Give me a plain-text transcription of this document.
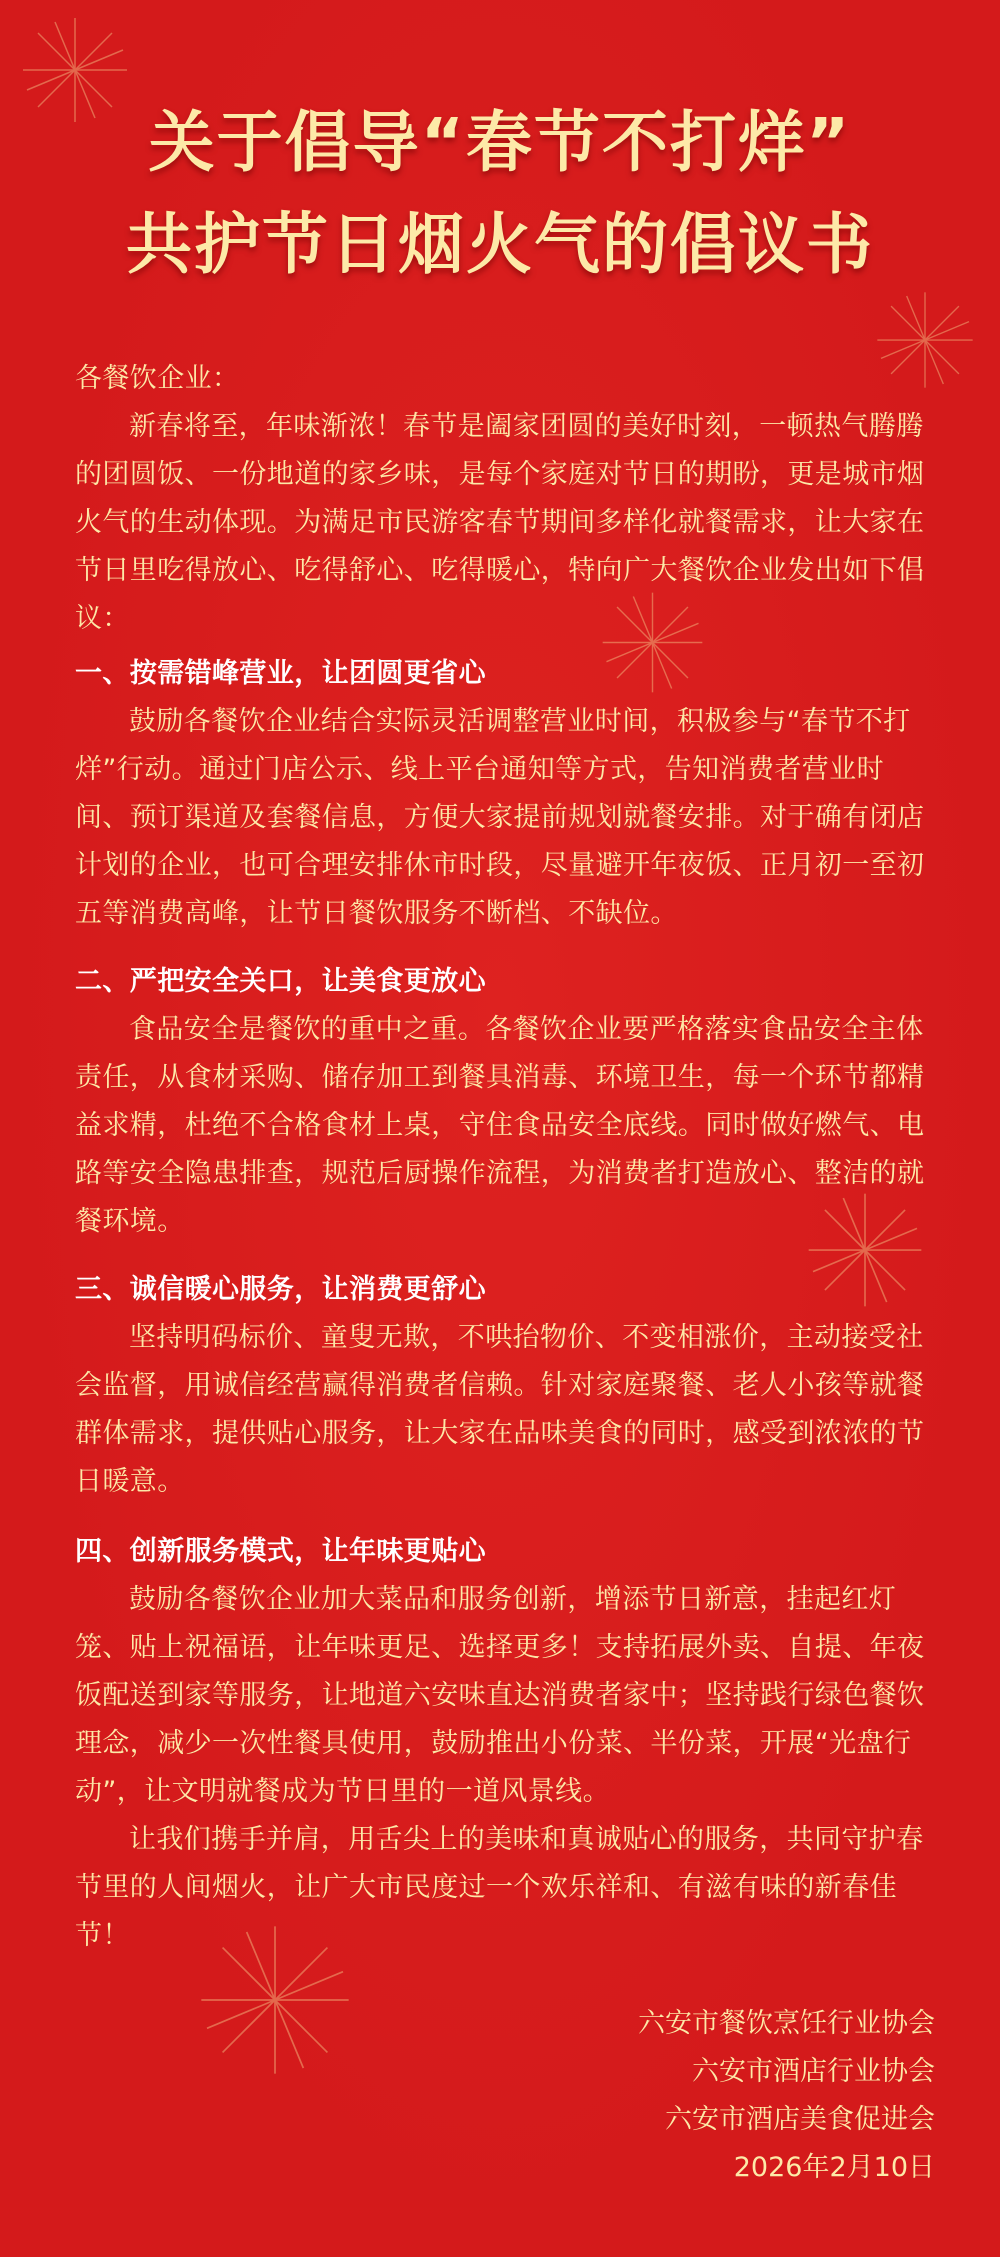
关于倡导“春节不打烊”
共护节日烟火气的倡议书

各餐饮企业：

新春将至，年味渐浓！春节是阖家团圆的美好时刻，一顿热气腾腾的团圆饭、一份地道的家乡味，是每个家庭对节日的期盼，更是城市烟火气的生动体现。为满足市民游客春节期间多样化就餐需求，让大家在节日里吃得放心、吃得舒心、吃得暖心，特向广大餐饮企业发出如下倡议：

一、按需错峰营业，让团圆更省心

鼓励各餐饮企业结合实际灵活调整营业时间，积极参与“春节不打烊”行动。通过门店公示、线上平台通知等方式，告知消费者营业时间、预订渠道及套餐信息，方便大家提前规划就餐安排。对于确有闭店计划的企业，也可合理安排休市时段，尽量避开年夜饭、正月初一至初五等消费高峰，让节日餐饮服务不断档、不缺位。

二、严把安全关口，让美食更放心

食品安全是餐饮的重中之重。各餐饮企业要严格落实食品安全主体责任，从食材采购、储存加工到餐具消毒、环境卫生，每一个环节都精益求精，杜绝不合格食材上桌，守住食品安全底线。同时做好燃气、电路等安全隐患排查，规范后厨操作流程，为消费者打造放心、整洁的就餐环境。

三、诚信暖心服务，让消费更舒心

坚持明码标价、童叟无欺，不哄抬物价、不变相涨价，主动接受社会监督，用诚信经营赢得消费者信赖。针对家庭聚餐、老人小孩等就餐群体需求，提供贴心服务，让大家在品味美食的同时，感受到浓浓的节日暖意。

四、创新服务模式，让年味更贴心

鼓励各餐饮企业加大菜品和服务创新，增添节日新意，挂起红灯笼、贴上祝福语，让年味更足、选择更多！支持拓展外卖、自提、年夜饭配送到家等服务，让地道六安味直达消费者家中；坚持践行绿色餐饮理念，减少一次性餐具使用，鼓励推出小份菜、半份菜，开展“光盘行动”，让文明就餐成为节日里的一道风景线。

让我们携手并肩，用舌尖上的美味和真诚贴心的服务，共同守护春节里的人间烟火，让广大市民度过一个欢乐祥和、有滋有味的新春佳节！

六安市餐饮烹饪行业协会
六安市酒店行业协会
六安市酒店美食促进会
2026年2月10日
